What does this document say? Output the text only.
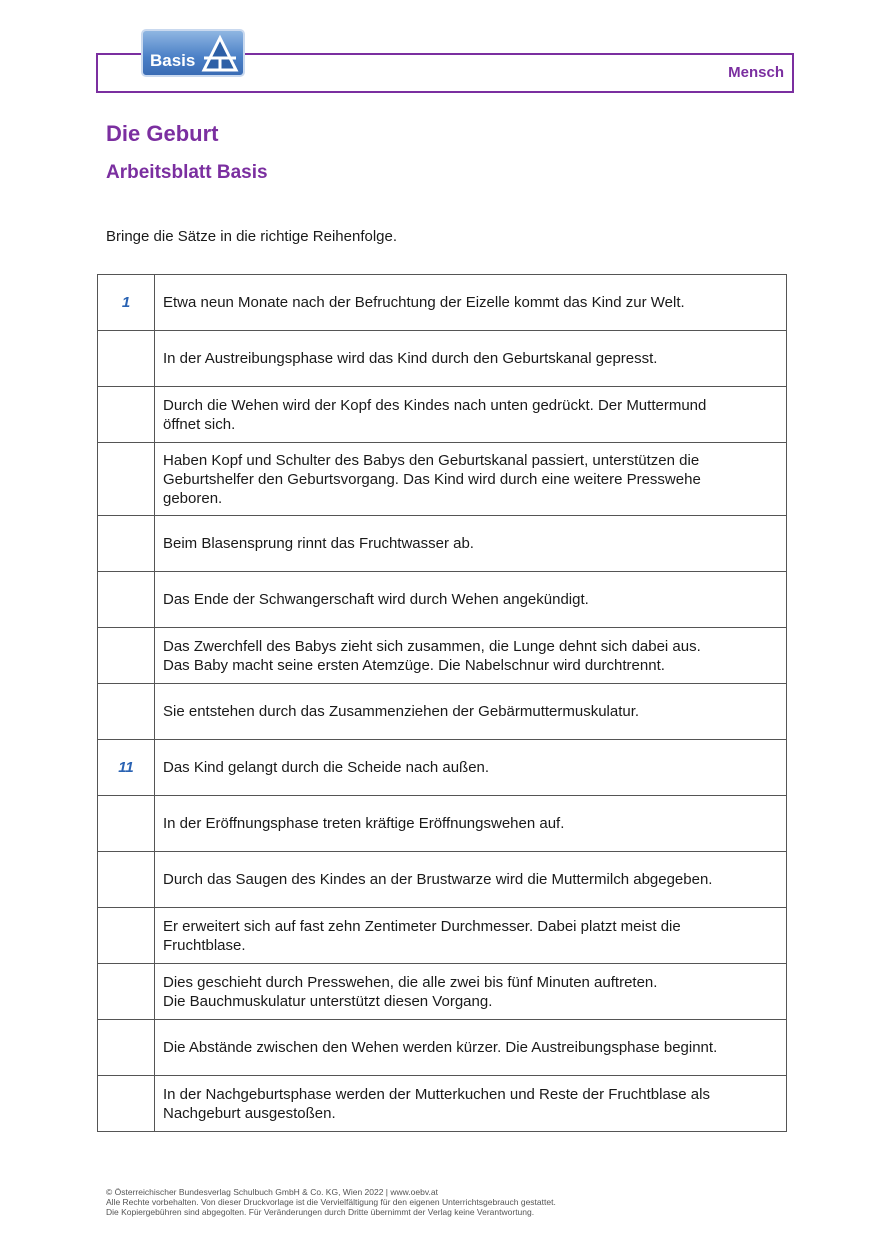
Mensch
Basis
Die Geburt
Arbeitsblatt Basis
Bringe die Sätze in die richtige Reihenfolge.
1	Etwa neun Monate nach der Befruchtung der Eizelle kommt das Kind zur Welt.
	In der Austreibungsphase wird das Kind durch den Geburtskanal gepresst.
	Durch die Wehen wird der Kopf des Kindes nach unten gedrückt. Der Muttermund
öffnet sich.
	Haben Kopf und Schulter des Babys den Geburtskanal passiert, unterstützen die
Geburtshelfer den Geburtsvorgang. Das Kind wird durch eine weitere Presswehe
geboren.
	Beim Blasensprung rinnt das Fruchtwasser ab.
	Das Ende der Schwangerschaft wird durch Wehen angekündigt.
	Das Zwerchfell des Babys zieht sich zusammen, die Lunge dehnt sich dabei aus.
Das Baby macht seine ersten Atemzüge. Die Nabelschnur wird durchtrennt.
	Sie entstehen durch das Zusammenziehen der Gebärmuttermuskulatur.
11	Das Kind gelangt durch die Scheide nach außen.
	In der Eröffnungsphase treten kräftige Eröffnungswehen auf.
	Durch das Saugen des Kindes an der Brustwarze wird die Muttermilch abgegeben.
	Er erweitert sich auf fast zehn Zentimeter Durchmesser. Dabei platzt meist die
Fruchtblase.
	Dies geschieht durch Presswehen, die alle zwei bis fünf Minuten auftreten.
Die Bauchmuskulatur unterstützt diesen Vorgang.
	Die Abstände zwischen den Wehen werden kürzer. Die Austreibungsphase beginnt.
	In der Nachgeburtsphase werden der Mutterkuchen und Reste der Fruchtblase als
Nachgeburt ausgestoßen.
© Österreichischer Bundesverlag Schulbuch GmbH & Co. KG, Wien 2022 | www.oebv.at
Alle Rechte vorbehalten. Von dieser Druckvorlage ist die Vervielfältigung für den eigenen Unterrichtsgebrauch gestattet.
Die Kopiergebühren sind abgegolten. Für Veränderungen durch Dritte übernimmt der Verlag keine Verantwortung.
